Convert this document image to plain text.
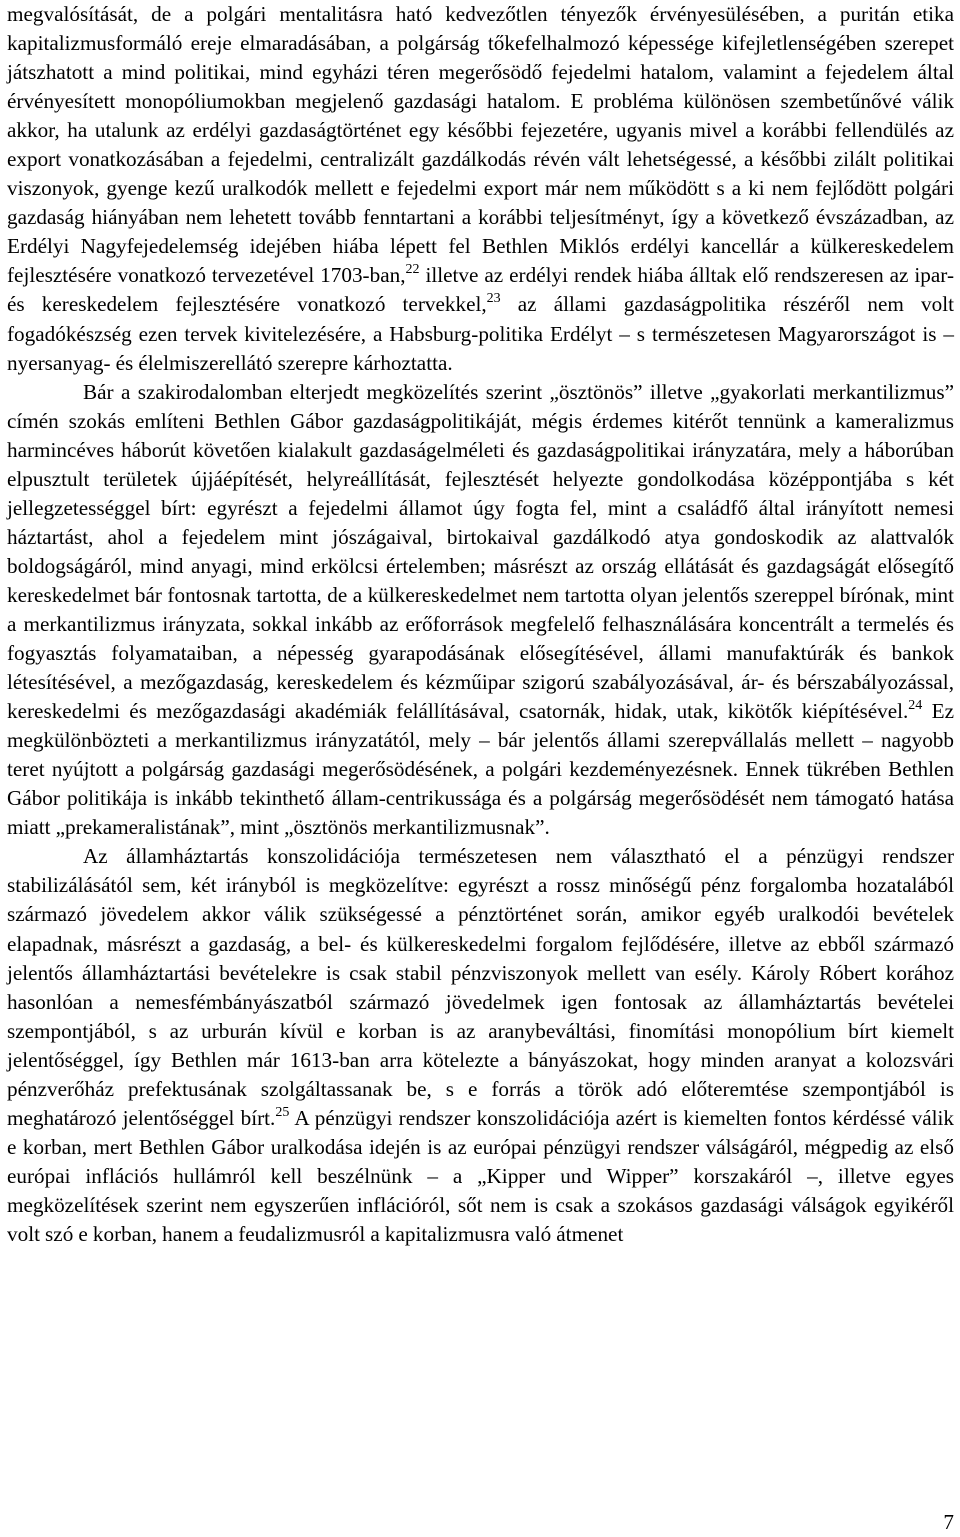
megvalósítását, de a polgári mentalitásra ható kedvezőtlen tényezők érvényesülésében, a puritán etika kapitalizmusformáló ereje elmaradásában, a polgárság tőkefelhalmozó képessége kifejletlenségében szerepet játszhatott a mind politikai, mind egyházi téren megerősödő fejedelmi hatalom, valamint a fejedelem által érvényesített monopóliumokban megjelenő gazdasági hatalom. E probléma különösen szembetűnővé válik akkor, ha utalunk az erdélyi gazdaságtörténet egy későbbi fejezetére, ugyanis mivel a korábbi fellendülés az export vonatkozásában a fejedelmi, centralizált gazdálkodás révén vált lehetségessé, a későbbi zilált politikai viszonyok, gyenge kezű uralkodók mellett e fejedelmi export már nem működött s a ki nem fejlődött polgári gazdaság hiányában nem lehetett tovább fenntartani a korábbi teljesítményt, így a következő évszázadban, az Erdélyi Nagyfejedelemség idejében hiába lépett fel Bethlen Miklós erdélyi kancellár a külkereskedelem fejlesztésére vonatkozó tervezetével 1703-ban,$^{22}$ illetve az erdélyi rendek hiába álltak elő rendszeresen az ipar- és kereskedelem fejlesztésére vonatkozó tervekkel,$^{23}$ az állami gazdaságpolitika részéről nem volt fogadókészség ezen tervek kivitelezésére, a Habsburg-politika Erdélyt – s természetesen Magyarországot is – nyersanyag- és élelmiszerellátó szerepre kárhoztatta.

Bár a szakirodalomban elterjedt megközelítés szerint „ösztönös” illetve „gyakorlati merkantilizmus” címén szokás említeni Bethlen Gábor gazdaságpolitikáját, mégis érdemes kitérőt tennünk a kameralizmus harmincéves háborút követően kialakult gazdaságelméleti és gazdaságpolitikai irányzatára, mely a háborúban elpusztult területek újjáépítését, helyreállítását, fejlesztését helyezte gondolkodása középpontjába s két jellegzetességgel bírt: egyrészt a fejedelmi államot úgy fogta fel, mint a családfő által irányított nemesi háztartást, ahol a fejedelem mint jószágaival, birtokaival gazdálkodó atya gondoskodik az alattvalók boldogságáról, mind anyagi, mind erkölcsi értelemben; másrészt az ország ellátását és gazdagságát elősegítő kereskedelmet bár fontosnak tartotta, de a külkereskedelmet nem tartotta olyan jelentős szereppel bírónak, mint a merkantilizmus irányzata, sokkal inkább az erőforrások megfelelő felhasználására koncentrált a termelés és fogyasztás folyamataiban, a népesség gyarapodásának elősegítésével, állami manufaktúrák és bankok létesítésével, a mezőgazdaság, kereskedelem és kézműipar szigorú szabályozásával, ár- és bérszabályozással, kereskedelmi és mezőgazdasági akadémiák felállításával, csatornák, hidak, utak, kikötők kiépítésével.$^{24}$ Ez megkülönbözteti a merkantilizmus irányzatától, mely – bár jelentős állami szerepvállalás mellett – nagyobb teret nyújtott a polgárság gazdasági megerősödésének, a polgári kezdeményezésnek. Ennek tükrében Bethlen Gábor politikája is inkább tekinthető állam-centrikussága és a polgárság megerősödését nem támogató hatása miatt „prekameralistának”, mint „ösztönös merkantilizmusnak”.

Az államháztartás konszolidációja természetesen nem választható el a pénzügyi rendszer stabilizálásától sem, két irányból is megközelítve: egyrészt a rossz minőségű pénz forgalomba hozatalából származó jövedelem akkor válik szükségessé a pénztörténet során, amikor egyéb uralkodói bevételek elapadnak, másrészt a gazdaság, a bel- és külkereskedelmi forgalom fejlődésére, illetve az ebből származó jelentős államháztartási bevételekre is csak stabil pénzviszonyok mellett van esély. Károly Róbert korához hasonlóan a nemesfémbányászatból származó jövedelmek igen fontosak az államháztartás bevételei szempontjából, s az urburán kívül e korban is az aranybeváltási, finomítási monopólium bírt kiemelt jelentőséggel, így Bethlen már 1613-ban arra kötelezte a bányászokat, hogy minden aranyat a kolozsvári pénzverőház prefektusának szolgáltassanak be, s e forrás a török adó előteremtése szempontjából is meghatározó jelentőséggel bírt.$^{25}$ A pénzügyi rendszer konszolidációja azért is kiemelten fontos kérdéssé válik e korban, mert Bethlen Gábor uralkodása idején is az európai pénzügyi rendszer válságáról, mégpedig az első európai inflációs hullámról kell beszélnünk – a „Kipper und Wipper” korszakáról –, illetve egyes megközelítések szerint nem egyszerűen inflációról, sőt nem is csak a szokásos gazdasági válságok egyikéről volt szó e korban, hanem a feudalizmusról a kapitalizmusra való átmenet

7
